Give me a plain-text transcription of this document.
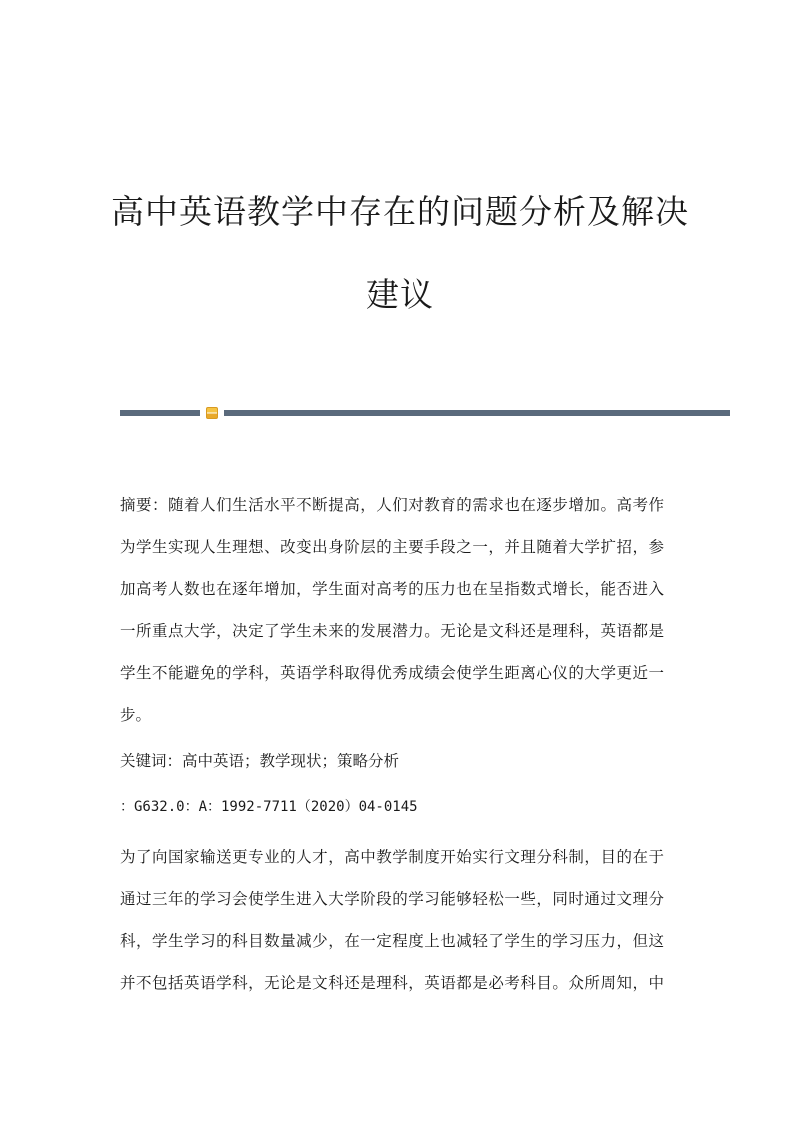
高中英语教学中存在的问题分析及解决
建议

摘要：随着人们生活水平不断提高，人们对教育的需求也在逐步增加。高考作

为学生实现人生理想、改变出身阶层的主要手段之一，并且随着大学扩招，参

加高考人数也在逐年增加，学生面对高考的压力也在呈指数式增长，能否进入

一所重点大学，决定了学生未来的发展潜力。无论是文科还是理科，英语都是

学生不能避免的学科，英语学科取得优秀成绩会使学生距离心仪的大学更近一

步。

关键词：高中英语；教学现状；策略分析

：G632.0：A：1992-7711（2020）04-0145

为了向国家输送更专业的人才，高中教学制度开始实行文理分科制，目的在于

通过三年的学习会使学生进入大学阶段的学习能够轻松一些，同时通过文理分

科，学生学习的科目数量减少，在一定程度上也减轻了学生的学习压力，但这

并不包括英语学科，无论是文科还是理科，英语都是必考科目。众所周知，中
